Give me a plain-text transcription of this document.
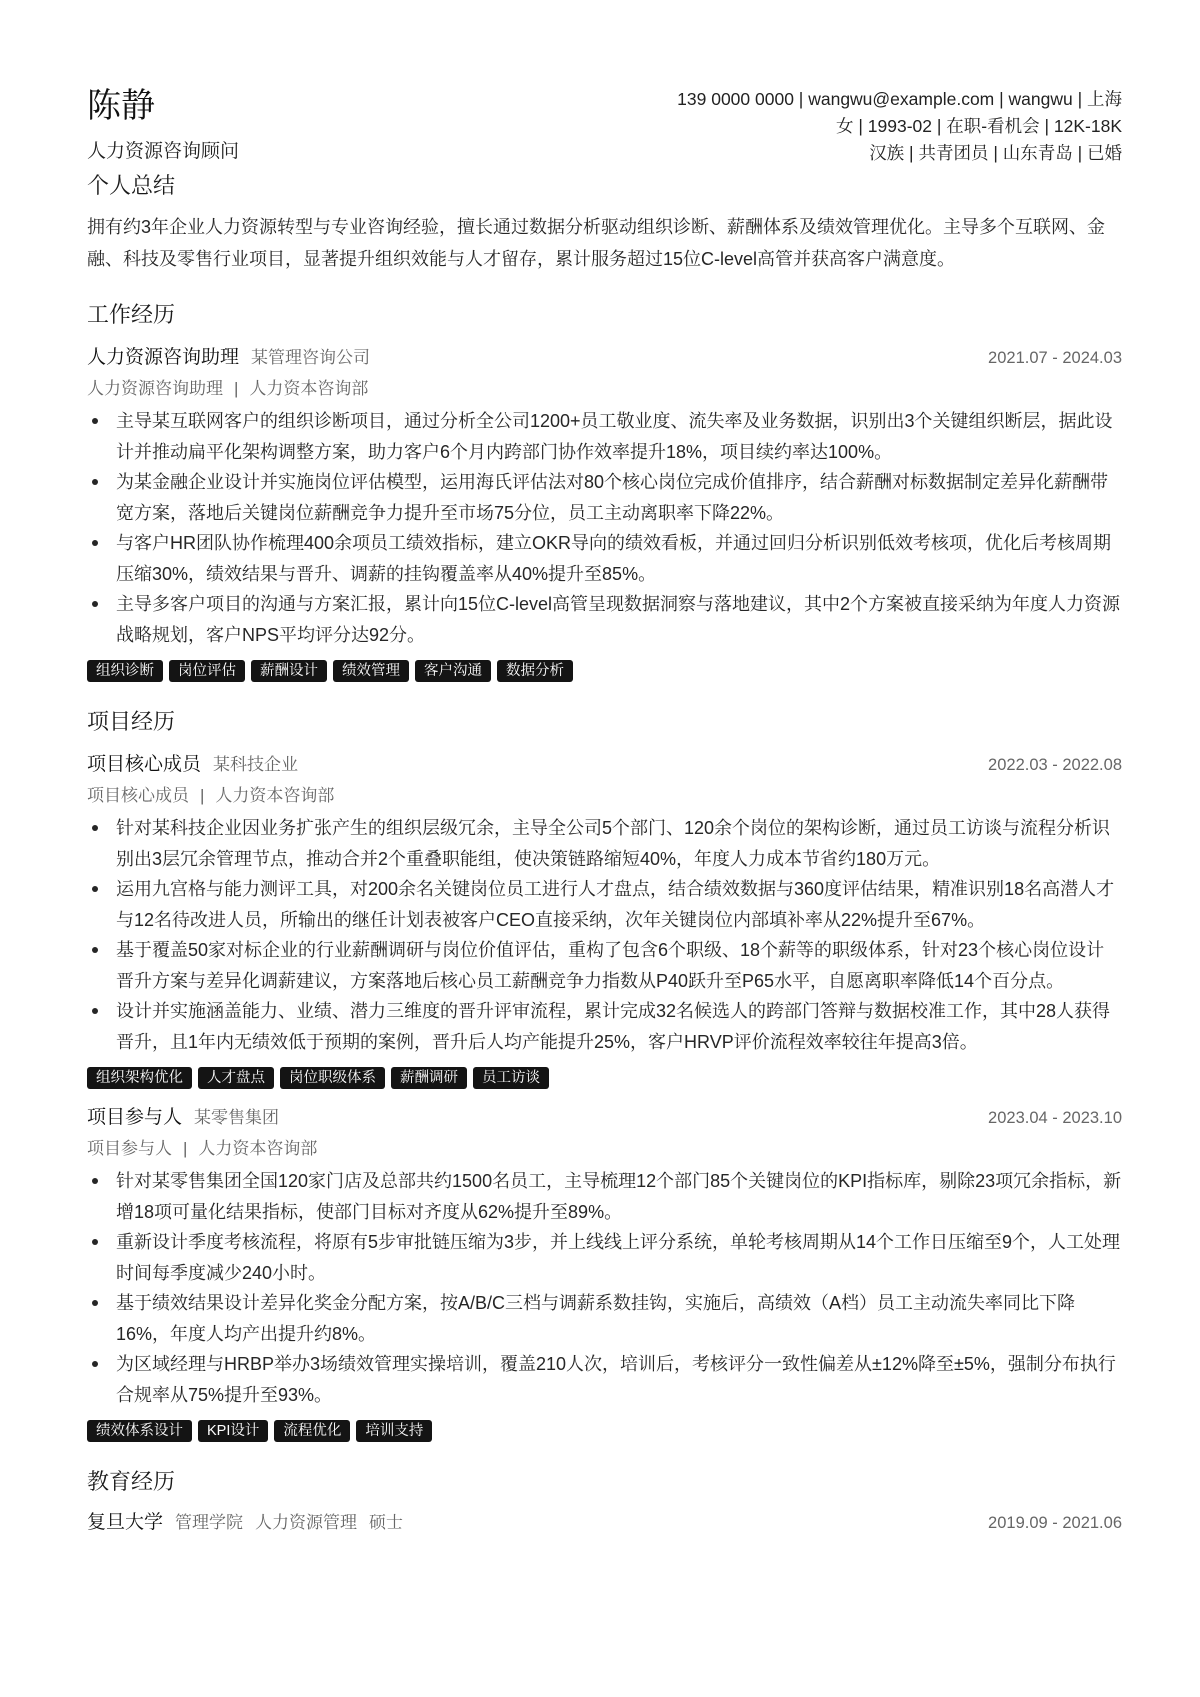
陈静
人力资源咨询顾问
139 0000 0000 | wangwu@example.com | wangwu | 上海
女 | 1993-02 | 在职-看机会 | 12K-18K
汉族 | 共青团员 | 山东青岛 | 已婚
个人总结

拥有约3年企业人力资源转型与专业咨询经验，擅长通过数据分析驱动组织诊断、薪酬体系及绩效管理优化。主导多个互联网、金融、科技及零售行业项目，显著提升组织效能与人才留存，累计服务超过15位C-level高管并获高客户满意度。

工作经历
人力资源咨询助理 某管理咨询公司	2021.07 - 2024.03
人力资源咨询助理 | 人力资本咨询部
主导某互联网客户的组织诊断项目，通过分析全公司1200+员工敬业度、流失率及业务数据，识别出3个关键组织断层，据此设计并推动扁平化架构调整方案，助力客户6个月内跨部门协作效率提升18%，项目续约率达100%。
为某金融企业设计并实施岗位评估模型，运用海氏评估法对80个核心岗位完成价值排序，结合薪酬对标数据制定差异化薪酬带宽方案，落地后关键岗位薪酬竞争力提升至市场75分位，员工主动离职率下降22%。
与客户HR团队协作梳理400余项员工绩效指标，建立OKR导向的绩效看板，并通过回归分析识别低效考核项，优化后考核周期压缩30%，绩效结果与晋升、调薪的挂钩覆盖率从40%提升至85%。
主导多客户项目的沟通与方案汇报，累计向15位C-level高管呈现数据洞察与落地建议，其中2个方案被直接采纳为年度人力资源战略规划，客户NPS平均评分达92分。
组织诊断	岗位评估	薪酬设计	绩效管理	客户沟通	数据分析
项目经历
项目核心成员 某科技企业	2022.03 - 2022.08
项目核心成员 | 人力资本咨询部
针对某科技企业因业务扩张产生的组织层级冗余，主导全公司5个部门、120余个岗位的架构诊断，通过员工访谈与流程分析识别出3层冗余管理节点，推动合并2个重叠职能组，使决策链路缩短40%，年度人力成本节省约180万元。
运用九宫格与能力测评工具，对200余名关键岗位员工进行人才盘点，结合绩效数据与360度评估结果，精准识别18名高潜人才与12名待改进人员，所输出的继任计划表被客户CEO直接采纳，次年关键岗位内部填补率从22%提升至67%。
基于覆盖50家对标企业的行业薪酬调研与岗位价值评估，重构了包含6个职级、18个薪等的职级体系，针对23个核心岗位设计晋升方案与差异化调薪建议，方案落地后核心员工薪酬竞争力指数从P40跃升至P65水平，自愿离职率降低14个百分点。
设计并实施涵盖能力、业绩、潜力三维度的晋升评审流程，累计完成32名候选人的跨部门答辩与数据校准工作，其中28人获得晋升，且1年内无绩效低于预期的案例，晋升后人均产能提升25%，客户HRVP评价流程效率较往年提高3倍。
组织架构优化	人才盘点	岗位职级体系	薪酬调研	员工访谈
项目参与人 某零售集团	2023.04 - 2023.10
项目参与人 | 人力资本咨询部
针对某零售集团全国120家门店及总部共约1500名员工，主导梳理12个部门85个关键岗位的KPI指标库，剔除23项冗余指标，新增18项可量化结果指标，使部门目标对齐度从62%提升至89%。
重新设计季度考核流程，将原有5步审批链压缩为3步，并上线线上评分系统，单轮考核周期从14个工作日压缩至9个，人工处理时间每季度减少240小时。
基于绩效结果设计差异化奖金分配方案，按A/B/C三档与调薪系数挂钩，实施后，高绩效（A档）员工主动流失率同比下降16%，年度人均产出提升约8%。
为区域经理与HRBP举办3场绩效管理实操培训，覆盖210人次，培训后，考核评分一致性偏差从±12%降至±5%，强制分布执行合规率从75%提升至93%。
绩效体系设计	KPI设计	流程优化	培训支持
教育经历
复旦大学 管理学院 人力资源管理 硕士	2019.09 - 2021.06
